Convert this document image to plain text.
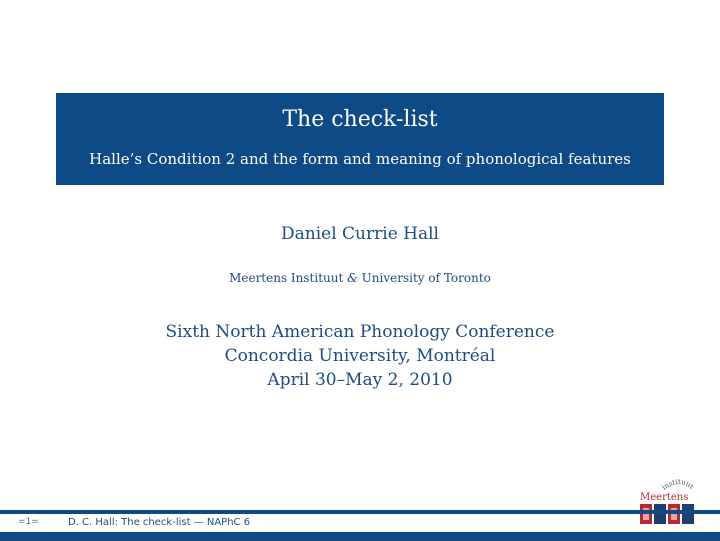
The check-list
Halle’s Condition 2 and the form and meaning of phonological features
Daniel Currie Hall
Meertens Instituut & University of Toronto
Sixth North American Phonology Conference
Concordia University, Montréal
April 30–May 2, 2010
instituut
Meertens
=1=	D. C. Hall: The check-list — NAPhC 6
